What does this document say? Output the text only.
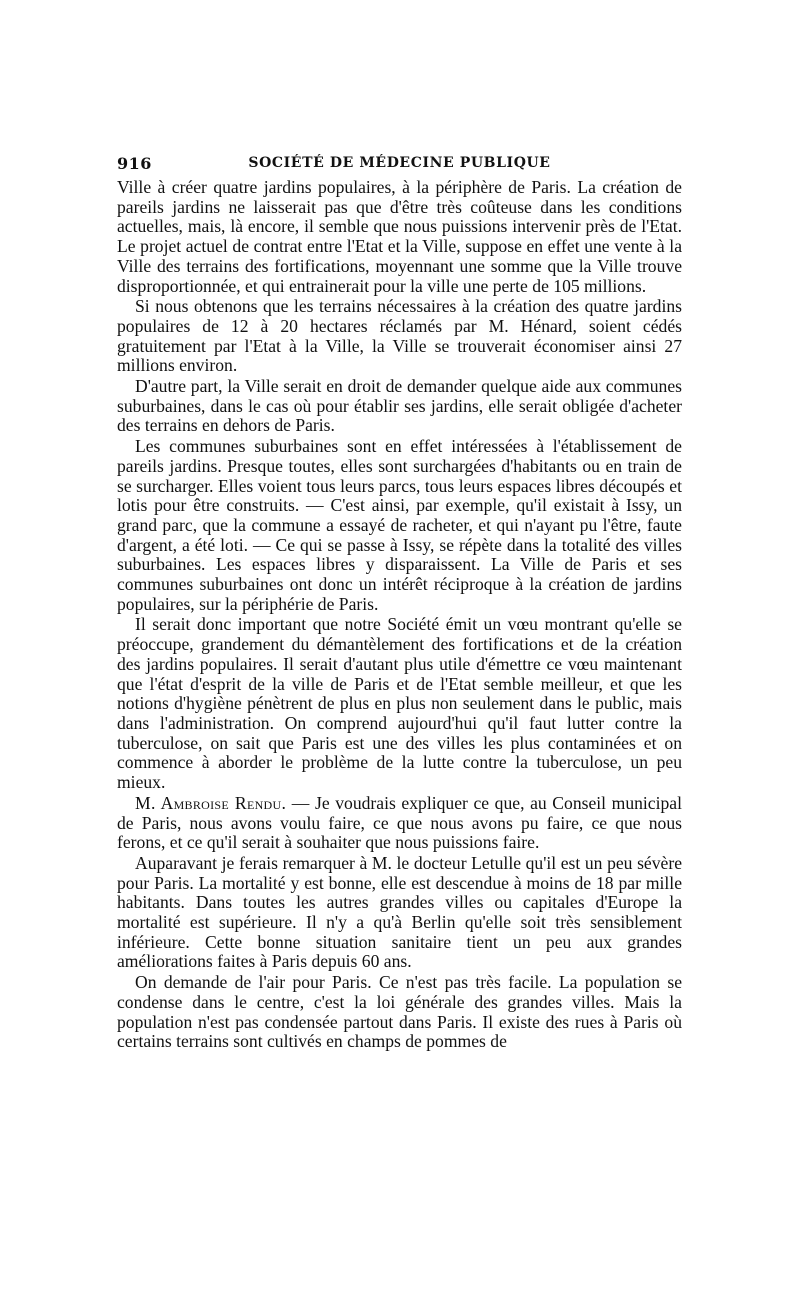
916	SOCIÉTÉ DE MÉDECINE PUBLIQUE

Ville à créer quatre jardins populaires, à la périphère de Paris. La création de pareils jardins ne laisserait pas que d'être très coûteuse dans les conditions actuelles, mais, là encore, il semble que nous puissions intervenir près de l'Etat. Le projet actuel de contrat entre l'Etat et la Ville, suppose en effet une vente à la Ville des terrains des fortifications, moyennant une somme que la Ville trouve disproportionnée, et qui entrainerait pour la ville une perte de 105 millions.

Si nous obtenons que les terrains nécessaires à la création des quatre jardins populaires de 12 à 20 hectares réclamés par M. Hénard, soient cédés gratuitement par l'Etat à la Ville, la Ville se trouverait économiser ainsi 27 millions environ.

D'autre part, la Ville serait en droit de demander quelque aide aux communes suburbaines, dans le cas où pour établir ses jardins, elle serait obligée d'acheter des terrains en dehors de Paris.

Les communes suburbaines sont en effet intéressées à l'établissement de pareils jardins. Presque toutes, elles sont surchargées d'habitants ou en train de se surcharger. Elles voient tous leurs parcs, tous leurs espaces libres découpés et lotis pour être construits. — C'est ainsi, par exemple, qu'il existait à Issy, un grand parc, que la commune a essayé de racheter, et qui n'ayant pu l'être, faute d'argent, a été loti. — Ce qui se passe à Issy, se répète dans la totalité des villes suburbaines. Les espaces libres y disparaissent. La Ville de Paris et ses communes suburbaines ont donc un intérêt réciproque à la création de jardins populaires, sur la périphérie de Paris.

Il serait donc important que notre Société émit un vœu montrant qu'elle se préoccupe, grandement du démantèlement des fortifications et de la création des jardins populaires. Il serait d'autant plus utile d'émettre ce vœu maintenant que l'état d'esprit de la ville de Paris et de l'Etat semble meilleur, et que les notions d'hygiène pénètrent de plus en plus non seulement dans le public, mais dans l'administration. On comprend aujourd'hui qu'il faut lutter contre la tuberculose, on sait que Paris est une des villes les plus contaminées et on commence à aborder le problème de la lutte contre la tuberculose, un peu mieux.

M. Ambroise Rendu. — Je voudrais expliquer ce que, au Conseil municipal de Paris, nous avons voulu faire, ce que nous avons pu faire, ce que nous ferons, et ce qu'il serait à souhaiter que nous puissions faire.

Auparavant je ferais remarquer à M. le docteur Letulle qu'il est un peu sévère pour Paris. La mortalité y est bonne, elle est descendue à moins de 18 par mille habitants. Dans toutes les autres grandes villes ou capitales d'Europe la mortalité est supérieure. Il n'y a qu'à Berlin qu'elle soit très sensiblement inférieure. Cette bonne situation sanitaire tient un peu aux grandes améliorations faites à Paris depuis 60 ans.

On demande de l'air pour Paris. Ce n'est pas très facile. La population se condense dans le centre, c'est la loi générale des grandes villes. Mais la population n'est pas condensée partout dans Paris. Il existe des rues à Paris où certains terrains sont cultivés en champs de pommes de
